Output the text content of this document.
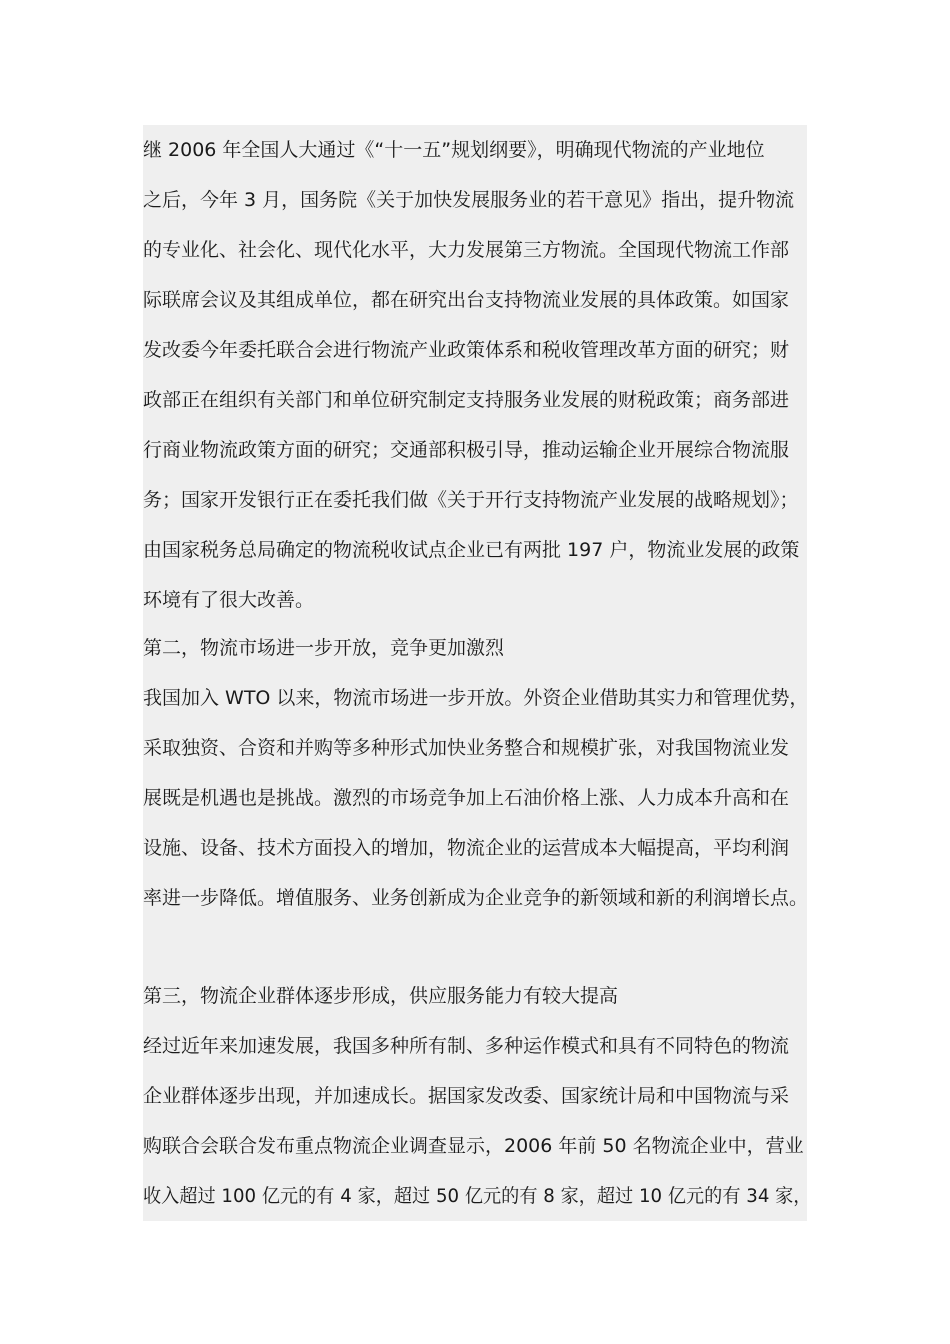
继 2006 年全国人大通过《“十一五”规划纲要》，明确现代物流的产业地位
之后，今年 3 月，国务院《关于加快发展服务业的若干意见》指出，提升物流
的专业化、社会化、现代化水平，大力发展第三方物流。全国现代物流工作部
际联席会议及其组成单位，都在研究出台支持物流业发展的具体政策。如国家
发改委今年委托联合会进行物流产业政策体系和税收管理改革方面的研究；财
政部正在组织有关部门和单位研究制定支持服务业发展的财税政策；商务部进
行商业物流政策方面的研究；交通部积极引导，推动运输企业开展综合物流服
务；国家开发银行正在委托我们做《关于开行支持物流产业发展的战略规划》；
由国家税务总局确定的物流税收试点企业已有两批 197 户，物流业发展的政策
环境有了很大改善。
第二，物流市场进一步开放，竞争更加激烈
我国加入 WTO 以来，物流市场进一步开放。外资企业借助其实力和管理优势，
采取独资、合资和并购等多种形式加快业务整合和规模扩张，对我国物流业发
展既是机遇也是挑战。激烈的市场竞争加上石油价格上涨、人力成本升高和在
设施、设备、技术方面投入的增加，物流企业的运营成本大幅提高，平均利润
率进一步降低。增值服务、业务创新成为企业竞争的新领域和新的利润增长点。
第三，物流企业群体逐步形成，供应服务能力有较大提高
经过近年来加速发展，我国多种所有制、多种运作模式和具有不同特色的物流
企业群体逐步出现，并加速成长。据国家发改委、国家统计局和中国物流与采
购联合会联合发布重点物流企业调查显示，2006 年前 50 名物流企业中，营业
收入超过 100 亿元的有 4 家，超过 50 亿元的有 8 家，超过 10 亿元的有 34 家，
